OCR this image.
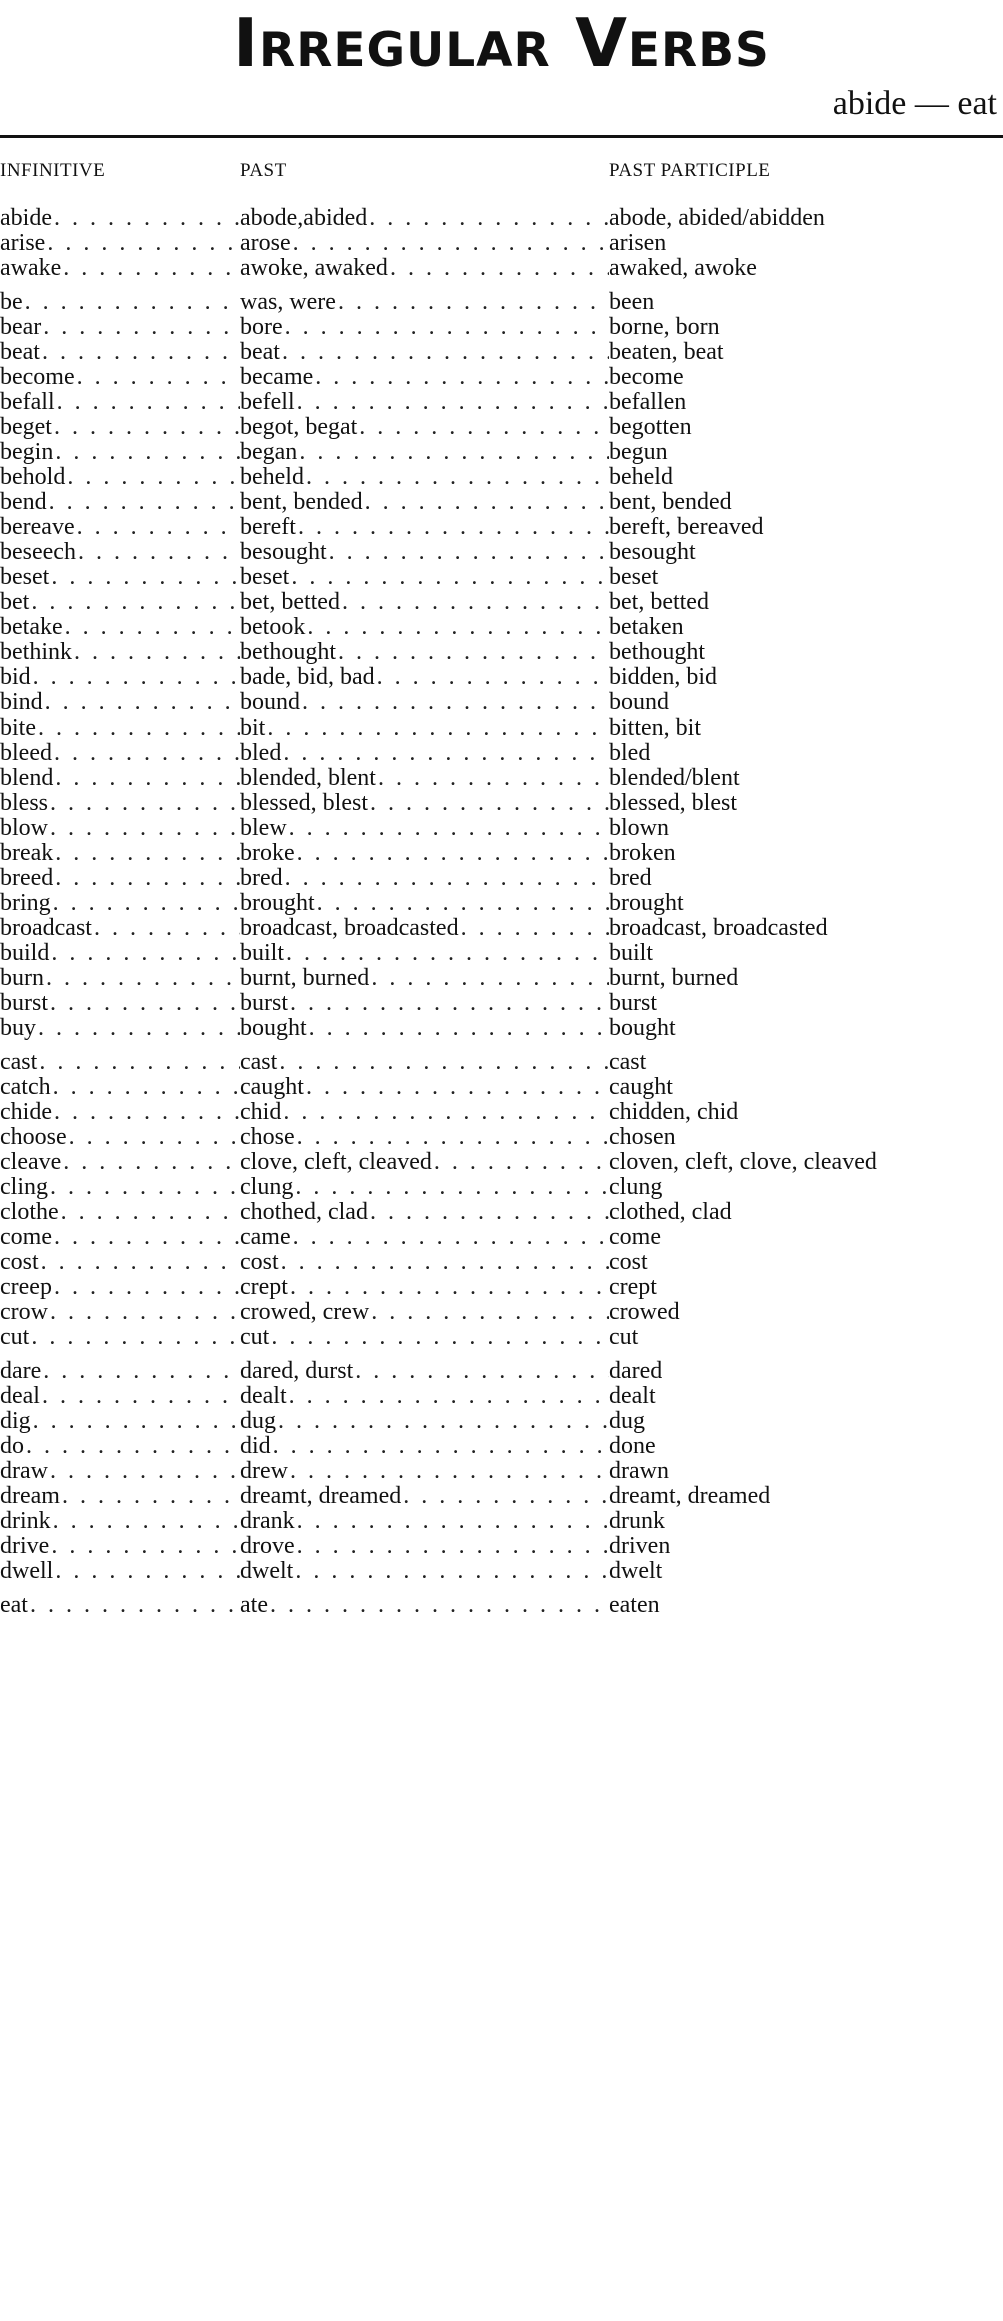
Irregular Verbs
abide — eat
INFINITIVE	PAST	PAST PARTICIPLE
abide . . .	abode,abided . . .	abode, abided/abidden
arise . . .	arose . . .	arisen
awake . . .	awoke, awaked . . .	awaked, awoke
be . . .	was, were . . .	been
bear . . .	bore . . .	borne, born
beat . . .	beat . . .	beaten, beat
become . . .	became . . .	become
befall . . .	befell . . .	befallen
beget . . .	begot, begat . . .	begotten
begin . . .	began . . .	begun
behold . . .	beheld . . .	beheld
bend . . .	bent, bended . . .	bent, bended
bereave . . .	bereft . . .	bereft, bereaved
beseech . . .	besought . . .	besought
beset . . .	beset . . .	beset
bet . . .	bet, betted . . .	bet, betted
betake . . .	betook . . .	betaken
bethink . . .	bethought . . .	bethought
bid . . .	bade, bid, bad . . .	bidden, bid
bind . . .	bound . . .	bound
bite . . .	bit . . .	bitten, bit
bleed . . .	bled . . .	bled
blend . . .	blended, blent . . .	blended/blent
bless . . .	blessed, blest . . .	blessed, blest
blow . . .	blew . . .	blown
break . . .	broke . . .	broken
breed . . .	bred . . .	bred
bring . . .	brought . . .	brought
broadcast . . .	broadcast, broadcasted . . .	broadcast, broadcasted
build . . .	built . . .	built
burn . . .	burnt, burned . . .	burnt, burned
burst . . .	burst . . .	burst
buy . . .	bought . . .	bought
cast . . .	cast . . .	cast
catch . . .	caught . . .	caught
chide . . .	chid . . .	chidden, chid
choose . . .	chose . . .	chosen
cleave . . .	clove, cleft, cleaved . . .	cloven, cleft, clove, cleaved
cling . . .	clung . . .	clung
clothe . . .	chothed, clad . . .	clothed, clad
come . . .	came . . .	come
cost . . .	cost . . .	cost
creep . . .	crept . . .	crept
crow . . .	crowed, crew . . .	crowed
cut . . .	cut . . .	cut
dare . . .	dared, durst . . .	dared
deal . . .	dealt . . .	dealt
dig . . .	dug . . .	dug
do . . .	did . . .	done
draw . . .	drew . . .	drawn
dream . . .	dreamt, dreamed . . .	dreamt, dreamed
drink . . .	drank . . .	drunk
drive . . .	drove . . .	driven
dwell . . .	dwelt . . .	dwelt
eat . . .	ate . . .	eaten
